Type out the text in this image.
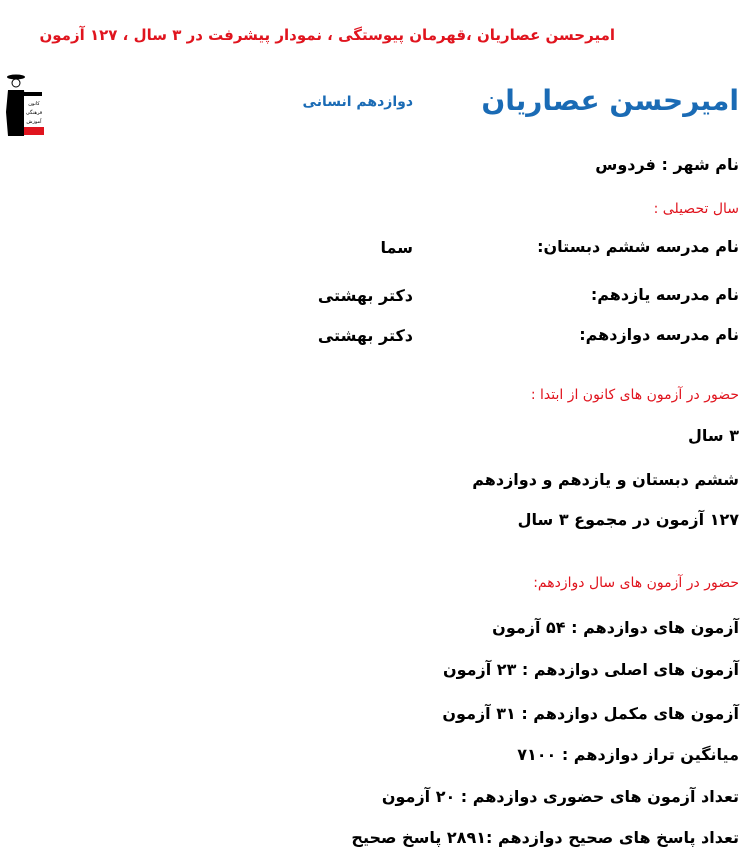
امیرحسن عصاریان ،قهرمان پیوستگی ، نمودار پیشرفت در ۳ سال ، ۱۲۷ آزمون
کانون
فرهنگی
آموزش
امیرحسن عصاریان
دوازدهم انسانی
نام شهر : فردوس
سال تحصیلی :
نام مدرسه ششم دبستان:
سما
نام مدرسه یازدهم:
دکتر بهشتی
نام مدرسه دوازدهم:
دکتر بهشتی
حضور در آزمون های کانون از ابتدا :
۳ سال
ششم دبستان و یازدهم و دوازدهم
۱۲۷ آزمون در مجموع ۳ سال
حضور در آزمون های سال دوازدهم:
آزمون های دوازدهم : ۵۴ آزمون
آزمون های اصلی دوازدهم : ۲۳ آزمون
آزمون های مکمل دوازدهم : ۳۱ آزمون
میانگین تراز دوازدهم : ۷۱۰۰
تعداد آزمون های حضوری دوازدهم : ۲۰ آزمون
تعداد پاسخ های صحیح دوازدهم :۲۸۹۱ پاسخ صحیح
